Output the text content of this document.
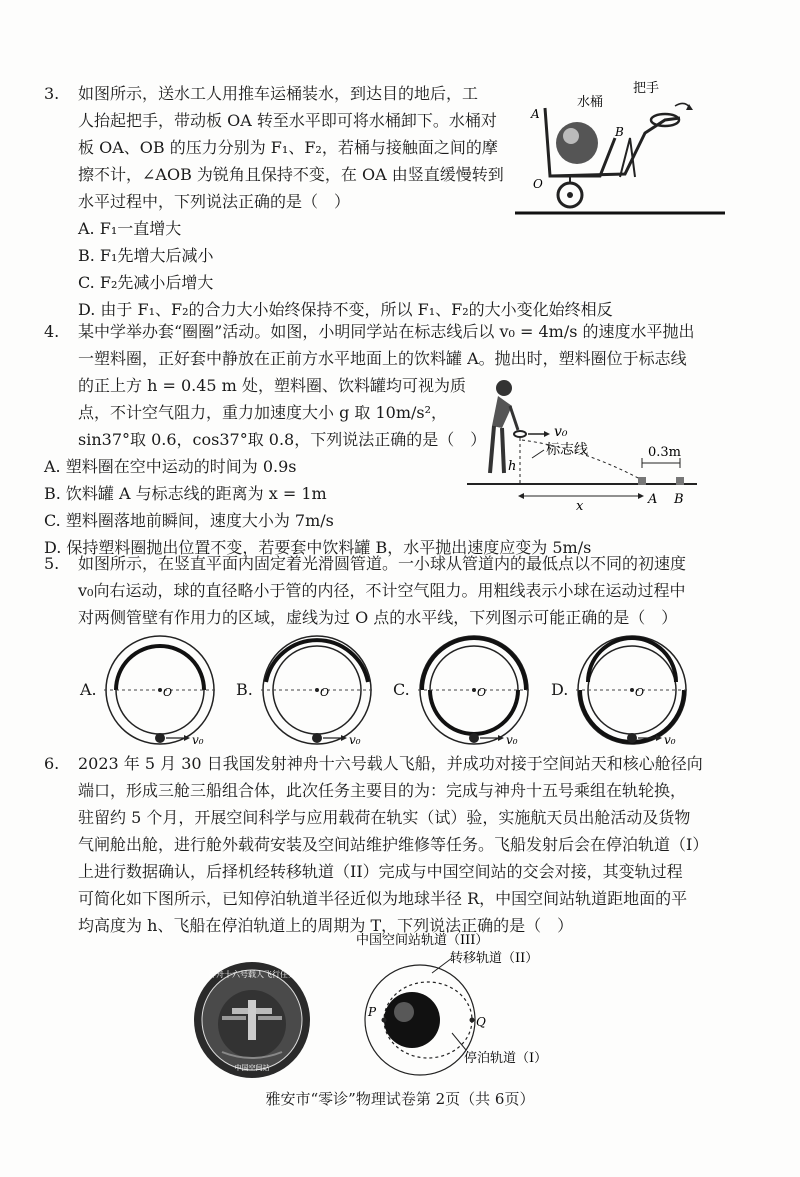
3. 如图所示，送水工人用推车运桶装水，到达目的地后，工
人抬起把手，带动板 OA 转至水平即可将水桶卸下。水桶对
板 OA、OB 的压力分别为 F₁、F₂，若桶与接触面之间的摩
擦不计，∠AOB 为锐角且保持不变，在 OA 由竖直缓慢转到
水平过程中，下列说法正确的是（　）
A. F₁一直增大
B. F₁先增大后减小
C. F₂先减小后增大
D. 由于 F₁、F₂的合力大小始终保持不变，所以 F₁、F₂的大小变化始终相反
水桶
把手
A
B
O
4. 某中学举办套“圈圈”活动。如图，小明同学站在标志线后以 v₀ = 4m/s 的速度水平抛出
一塑料圈，正好套中静放在正前方水平地面上的饮料罐 A。抛出时，塑料圈位于标志线
的正上方 h = 0.45 m 处，塑料圈、饮料罐均可视为质
点，不计空气阻力，重力加速度大小 g 取 10m/s²，
sin37°取 0.6，cos37°取 0.8，下列说法正确的是（　）
A. 塑料圈在空中运动的时间为 0.9s
B. 饮料罐 A 与标志线的距离为 x = 1m
C. 塑料圈落地前瞬间，速度大小为 7m/s
D. 保持塑料圈抛出位置不变，若要套中饮料罐 B，水平抛出速度应变为 5m/s
v₀
h
标志线	0.3m
x	A B
5. 如图所示，在竖直平面内固定着光滑圆管道。一小球从管道内的最低点以不同的初速度
v₀向右运动，球的直径略小于管的内径，不计空气阻力。用粗线表示小球在运动过程中
对两侧管壁有作用力的区域，虚线为过 O 点的水平线，下列图示可能正确的是（　）
A.	B.	C.	D.
O
v₀
O
v₀
O
v₀
O
v₀
6. 2023 年 5 月 30 日我国发射神舟十六号载人飞船，并成功对接于空间站天和核心舱径向
端口，形成三舱三船组合体，此次任务主要目的为：完成与神舟十五号乘组在轨轮换，
驻留约 5 个月，开展空间科学与应用载荷在轨实（试）验，实施航天员出舱活动及货物
气闸舱出舱，进行舱外载荷安装及空间站维护维修等任务。飞船发射后会在停泊轨道（I）
上进行数据确认，后择机经转移轨道（II）完成与中国空间站的交会对接，其变轨过程
可简化如下图所示，已知停泊轨道半径近似为地球半径 R，中国空间站轨道距地面的平
均高度为 h、飞船在停泊轨道上的周期为 T，下列说法正确的是（　）
神舟十六号载人飞行任务
中国空间站
中国空间站轨道（III）
转移轨道（II）
停泊轨道（I）
P
Q
雅安市“零诊”物理试卷第 2页（共 6页）
